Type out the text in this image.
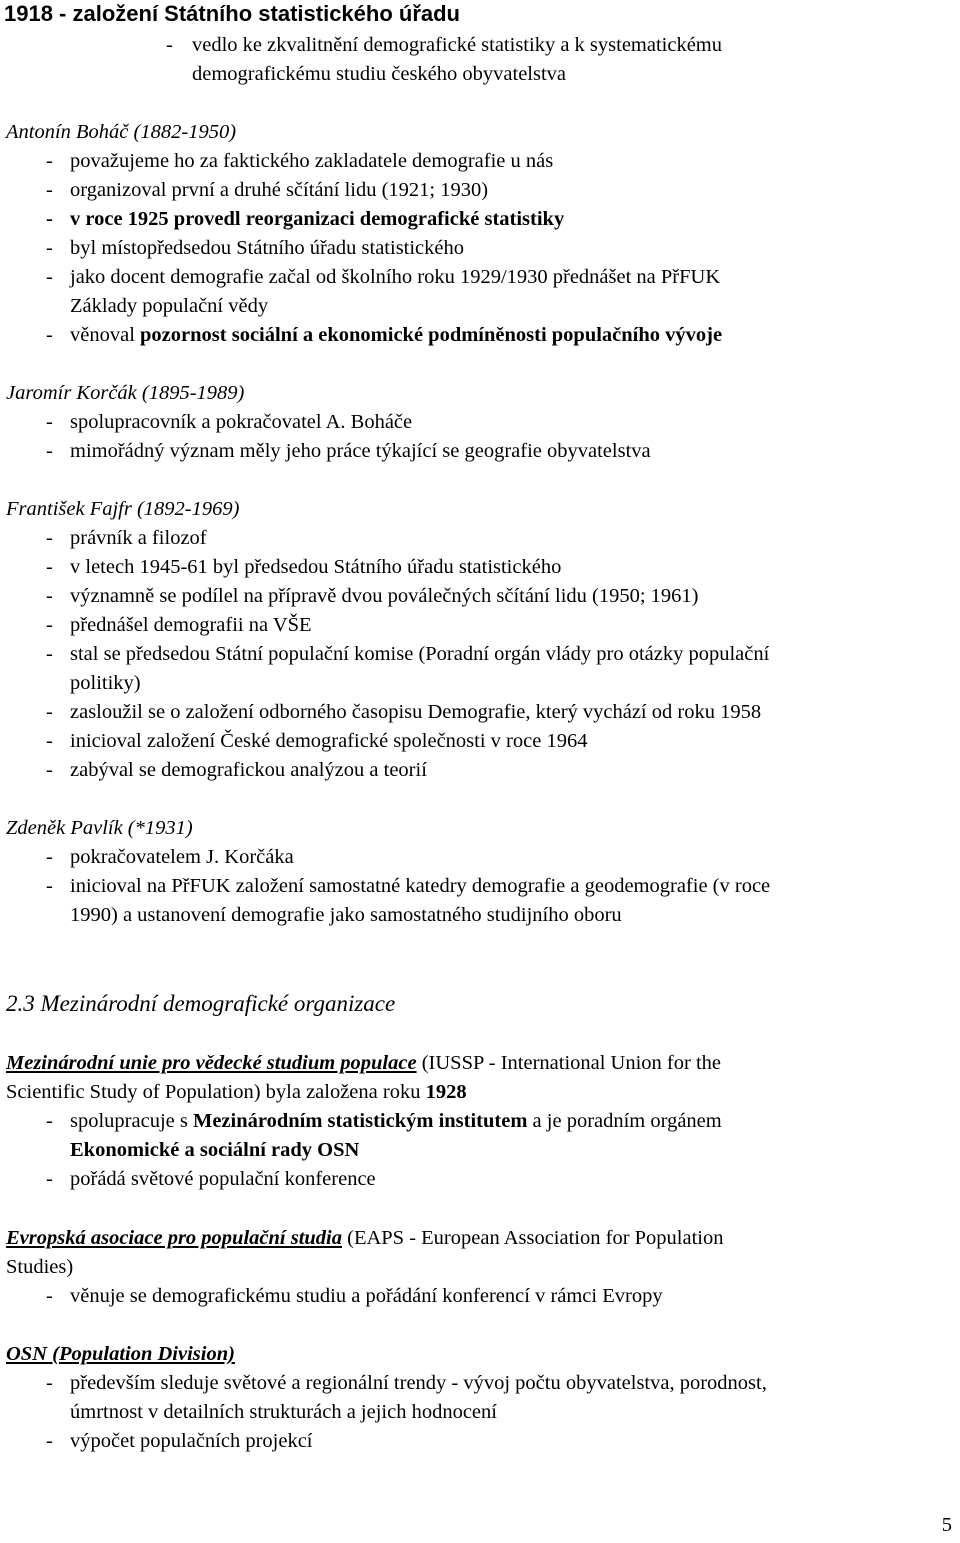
1918 - založení Státního statistického úřadu
- vedlo ke zkvalitnění demografické statistiky a k systematickému
demografickému studiu českého obyvatelstva
Antonín Boháč (1882-1950)
- považujeme ho za faktického zakladatele demografie u nás
- organizoval první a druhé sčítání lidu (1921; 1930)
- v roce 1925 provedl reorganizaci demografické statistiky
- byl místopředsedou Státního úřadu statistického
- jako docent demografie začal od školního roku 1929/1930 přednášet na PřFUK
Základy populační vědy
- věnoval pozornost sociální a ekonomické podmíněnosti populačního vývoje
Jaromír Korčák (1895-1989)
- spolupracovník a pokračovatel A. Boháče
- mimořádný význam měly jeho práce týkající se geografie obyvatelstva
František Fajfr (1892-1969)
- právník a filozof
- v letech 1945-61 byl předsedou Státního úřadu statistického
- významně se podílel na přípravě dvou poválečných sčítání lidu (1950; 1961)
- přednášel demografii na VŠE
- stal se předsedou Státní populační komise (Poradní orgán vlády pro otázky populační
politiky)
- zasloužil se o založení odborného časopisu Demografie, který vychází od roku 1958
- inicioval založení České demografické společnosti v roce 1964
- zabýval se demografickou analýzou a teorií
Zdeněk Pavlík (*1931)
- pokračovatelem J. Korčáka
- inicioval na PřFUK založení samostatné katedry demografie a geodemografie (v roce
1990) a ustanovení demografie jako samostatného studijního oboru
2.3 Mezinárodní demografické organizace
Mezinárodní unie pro vědecké studium populace (IUSSP - International Union for the
Scientific Study of Population) byla založena roku 1928
- spolupracuje s Mezinárodním statistickým institutem a je poradním orgánem
Ekonomické a sociální rady OSN
- pořádá světové populační konference
Evropská asociace pro populační studia (EAPS - European Association for Population
Studies)
- věnuje se demografickému studiu a pořádání konferencí v rámci Evropy
OSN (Population Division)
- především sleduje světové a regionální trendy - vývoj počtu obyvatelstva, porodnost,
úmrtnost v detailních strukturách a jejich hodnocení
- výpočet populačních projekcí
5
